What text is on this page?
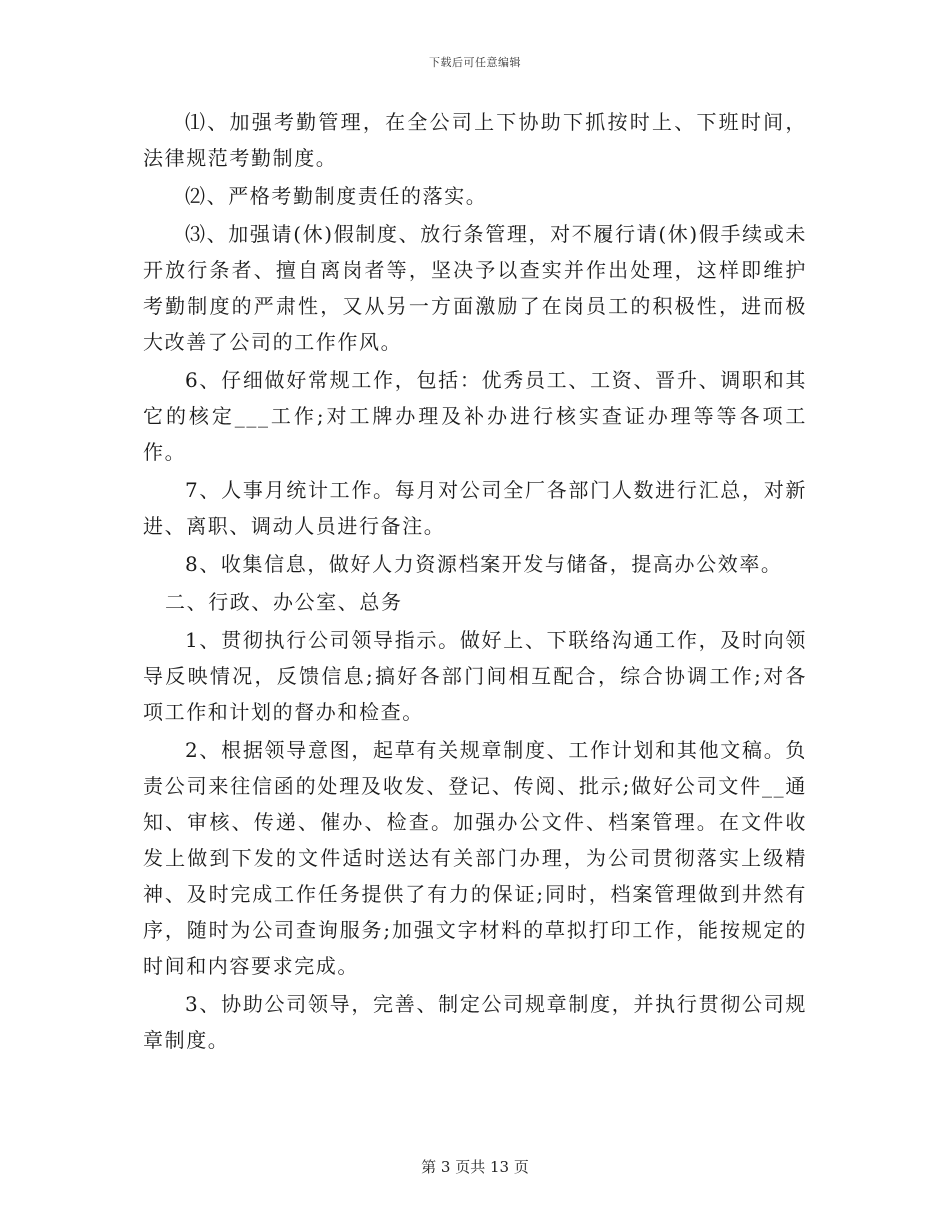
下载后可任意编辑

⑴、加强考勤管理，在全公司上下协助下抓按时上、下班时间，法律规范考勤制度。

⑵、严格考勤制度责任的落实。

⑶、加强请(休)假制度、放行条管理，对不履行请(休)假手续或未开放行条者、擅自离岗者等，坚决予以查实并作出处理，这样即维护考勤制度的严肃性，又从另一方面激励了在岗员工的积极性，进而极大改善了公司的工作作风。

6、仔细做好常规工作，包括：优秀员工、工资、晋升、调职和其它的核定___工作;对工牌办理及补办进行核实查证办理等等各项工作。

7、人事月统计工作。每月对公司全厂各部门人数进行汇总，对新进、离职、调动人员进行备注。

8、收集信息，做好人力资源档案开发与储备，提高办公效率。

二、行政、办公室、总务

1、贯彻执行公司领导指示。做好上、下联络沟通工作，及时向领导反映情况，反馈信息;搞好各部门间相互配合，综合协调工作;对各项工作和计划的督办和检查。

2、根据领导意图，起草有关规章制度、工作计划和其他文稿。负责公司来往信函的处理及收发、登记、传阅、批示;做好公司文件__通知、审核、传递、催办、检查。加强办公文件、档案管理。在文件收发上做到下发的文件适时送达有关部门办理，为公司贯彻落实上级精神、及时完成工作任务提供了有力的保证;同时，档案管理做到井然有序，随时为公司查询服务;加强文字材料的草拟打印工作，能按规定的时间和内容要求完成。

3、协助公司领导，完善、制定公司规章制度，并执行贯彻公司规章制度。

第 3 页共 13 页
